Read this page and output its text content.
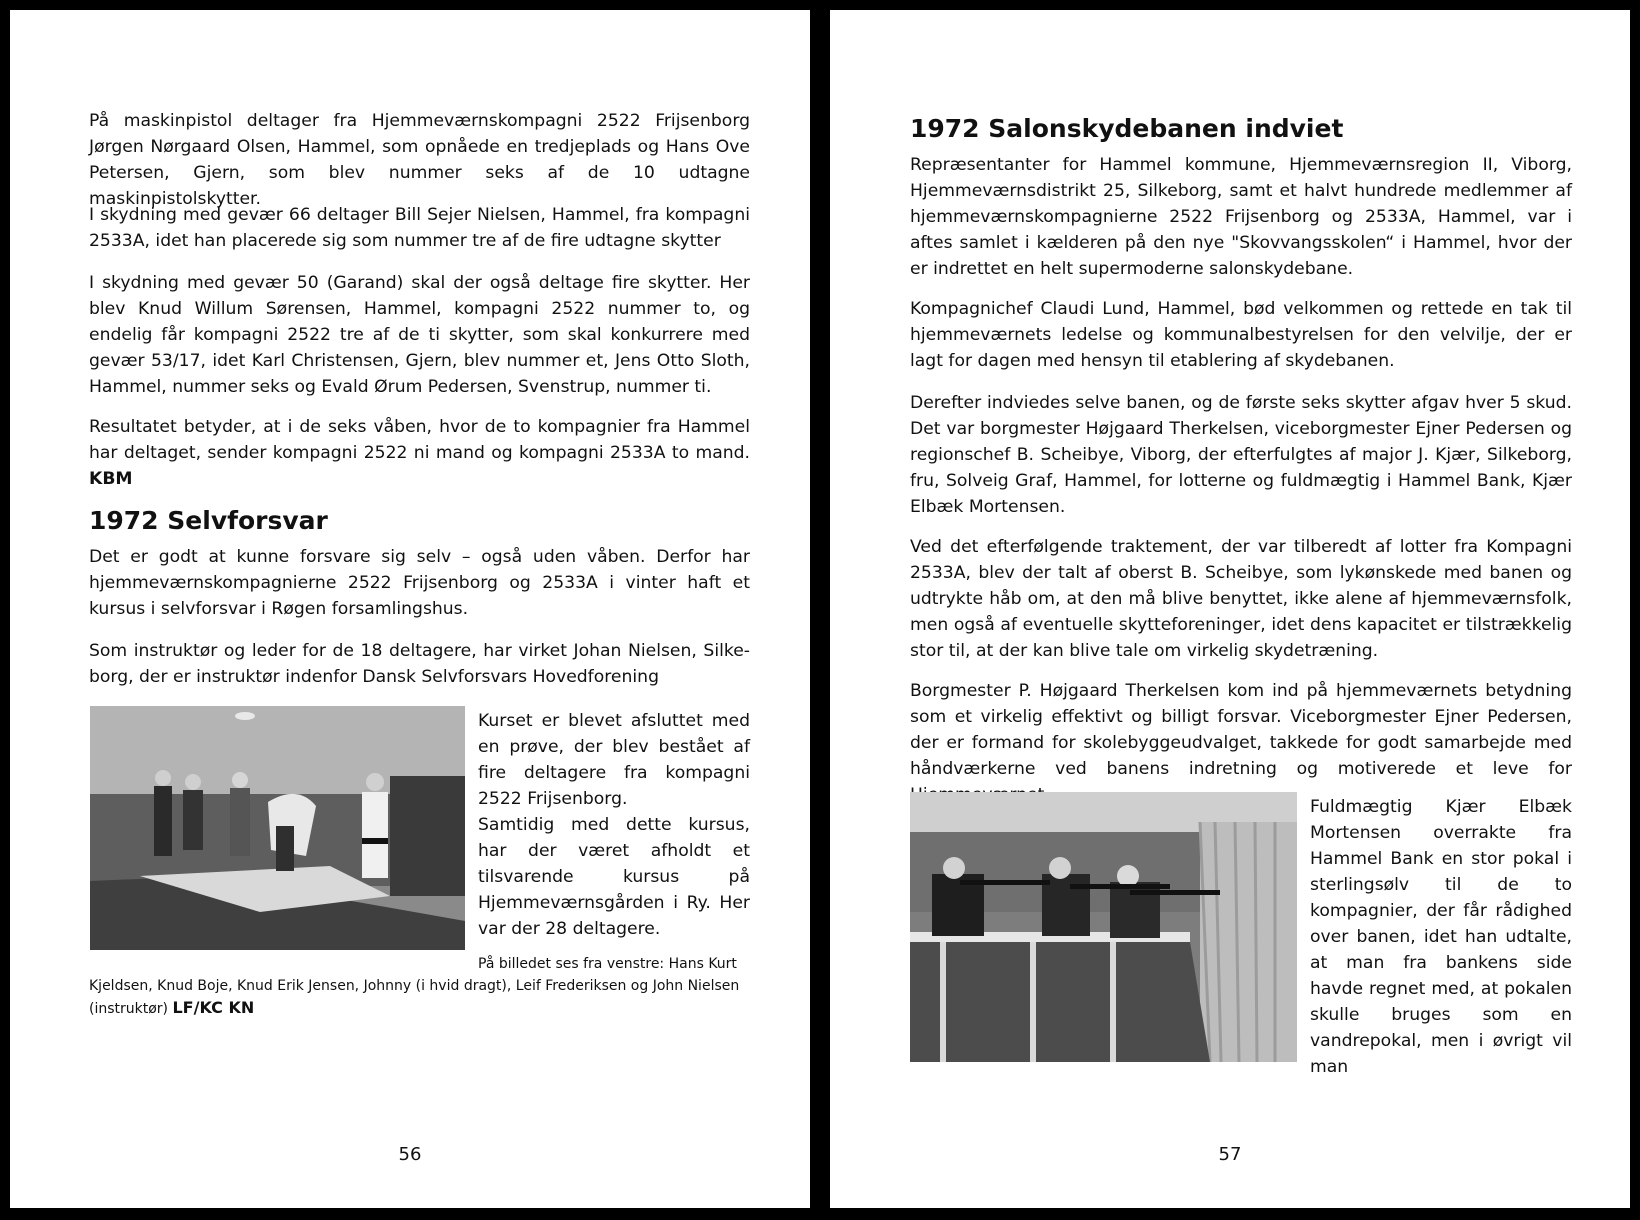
På maskinpistol deltager fra Hjemmeværnskompagni 2522 Frijsenborg Jørgen Nørgaard Olsen, Hammel, som opnåede en tredjeplads og Hans Ove Petersen, Gjern, som blev nummer seks af de 10 udtagne maskinpistolskytter.

I skydning med gevær 66 deltager Bill Sejer Nielsen, Hammel, fra kompagni 2533A, idet han placerede sig som nummer tre af de fire udtagne skytter

I skydning med gevær 50 (Garand) skal der også deltage fire skytter. Her blev Knud Willum Sørensen, Hammel, kompagni 2522 nummer to, og endelig får kompagni 2522 tre af de ti skytter, som skal konkurrere med gevær 53/17, idet Karl Christensen, Gjern, blev nummer et, Jens Otto Sloth, Hammel, nummer seks og Evald Ørum Pedersen, Svenstrup, nummer ti.

Resultatet betyder, at i de seks våben, hvor de to kompagnier fra Hammel har deltaget, sender kompagni 2522 ni mand og kompagni 2533A to mand. KBM

1972 Selvforsvar

Det er godt at kunne forsvare sig selv – også uden våben. Derfor har hjemmeværnskompagnierne 2522 Frijsenborg og 2533A i vinter haft et kursus i selvforsvar i Røgen forsamlingshus.

Som instruktør og leder for de 18 deltagere, har virket Johan Nielsen, Silkeborg, der er instruktør indenfor Dansk Selvforsvars Hovedforening

Kurset er blevet afsluttet med en prøve, der blev bestået af fire deltagere fra kompagni 2522 Frijsenborg.

Samtidig med dette kursus, har der været afholdt et tilsvarende kursus på Hjemmeværnsgården i Ry. Her var der 28 deltagere.

På billedet ses fra venstre: Hans Kurt

Kjeldsen, Knud Boje, Knud Erik Jensen, Johnny (i hvid dragt), Leif Frederiksen og John Nielsen (instruktør) LF/KC KN

56
1972 Salonskydebanen indviet

Repræsentanter for Hammel kommune, Hjemmeværnsregion II, Viborg, Hjemmeværnsdistrikt 25, Silkeborg, samt et halvt hundrede medlemmer af hjemmeværnskompagnierne 2522 Frijsenborg og 2533A, Hammel, var i aftes samlet i kælderen på den nye "Skovvangsskolen“ i Hammel, hvor der er indrettet en helt supermoderne salonskydebane.

Kompagnichef Claudi Lund, Hammel, bød velkommen og rettede en tak til hjemmeværnets ledelse og kommunalbestyrelsen for den velvilje, der er lagt for dagen med hensyn til etablering af skydebanen.

Derefter indviedes selve banen, og de første seks skytter afgav hver 5 skud. Det var borgmester Højgaard Therkelsen, viceborgmester Ejner Pedersen og regionschef B. Scheibye, Viborg, der efterfulgtes af major J. Kjær, Silkeborg, fru, Solveig Graf, Hammel, for lotterne og fuldmægtig i Hammel Bank, Kjær Elbæk Mortensen.

Ved det efterfølgende traktement, der var tilberedt af lotter fra Kompagni 2533A, blev der talt af oberst B. Scheibye, som lykønskede med banen og udtrykte håb om, at den må blive benyttet, ikke alene af hjemmeværnsfolk, men også af eventuelle skytteforeninger, idet dens kapacitet er tilstrækkelig stor til, at der kan blive tale om virkelig skydetræning.

Borgmester P. Højgaard Therkelsen kom ind på hjemmeværnets betydning som et virkelig effektivt og billigt forsvar. Viceborgmester Ejner Pedersen, der er formand for skolebyggeudvalget, takkede for godt samarbejde med håndværkerne ved banens indretning og motiverede et leve for

Fuldmægtig Kjær Elbæk Mortensen overrakte fra Hammel Bank en stor pokal i sterlingsølv til de to kompagnier, der får rådighed over banen, idet han udtalte, at man fra bankens side havde regnet med, at pokalen skulle bruges som en vandrepokal, men i øvrigt vil man

57
